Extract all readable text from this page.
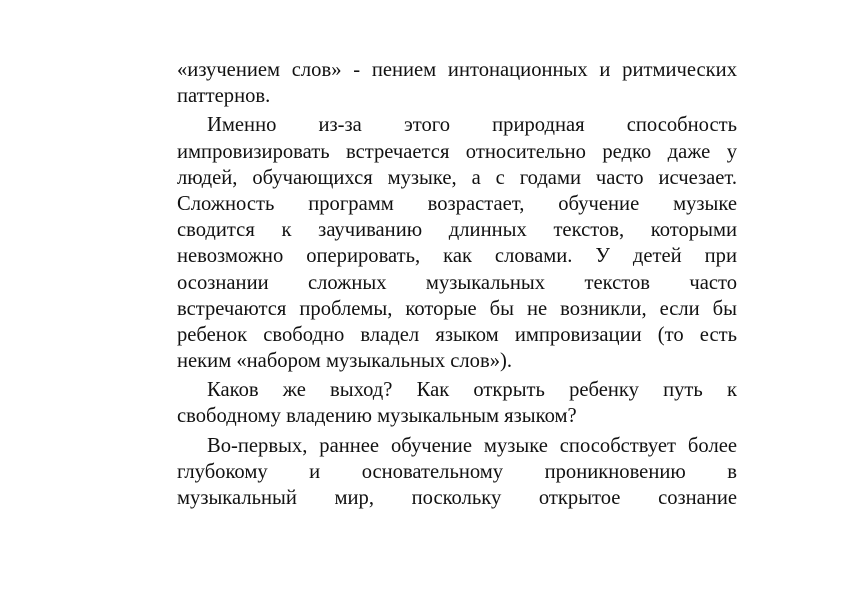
«изучением слов» - пением интонационных и ритмических
паттернов.
Именно из-за этого природная способность
импровизировать встречается относительно редко даже у
людей, обучающихся музыке, а с годами часто исчезает.
Сложность программ возрастает, обучение музыке
сводится к заучиванию длинных текстов, которыми
невозможно оперировать, как словами. У детей при
осознании сложных музыкальных текстов часто
встречаются проблемы, которые бы не возникли, если бы
ребенок свободно владел языком импровизации (то есть
неким «набором музыкальных слов»).
Каков же выход? Как открыть ребенку путь к
свободному владению музыкальным языком?
Во-первых, раннее обучение музыке способствует более
глубокому и основательному проникновению в
музыкальный мир, поскольку открытое сознание
